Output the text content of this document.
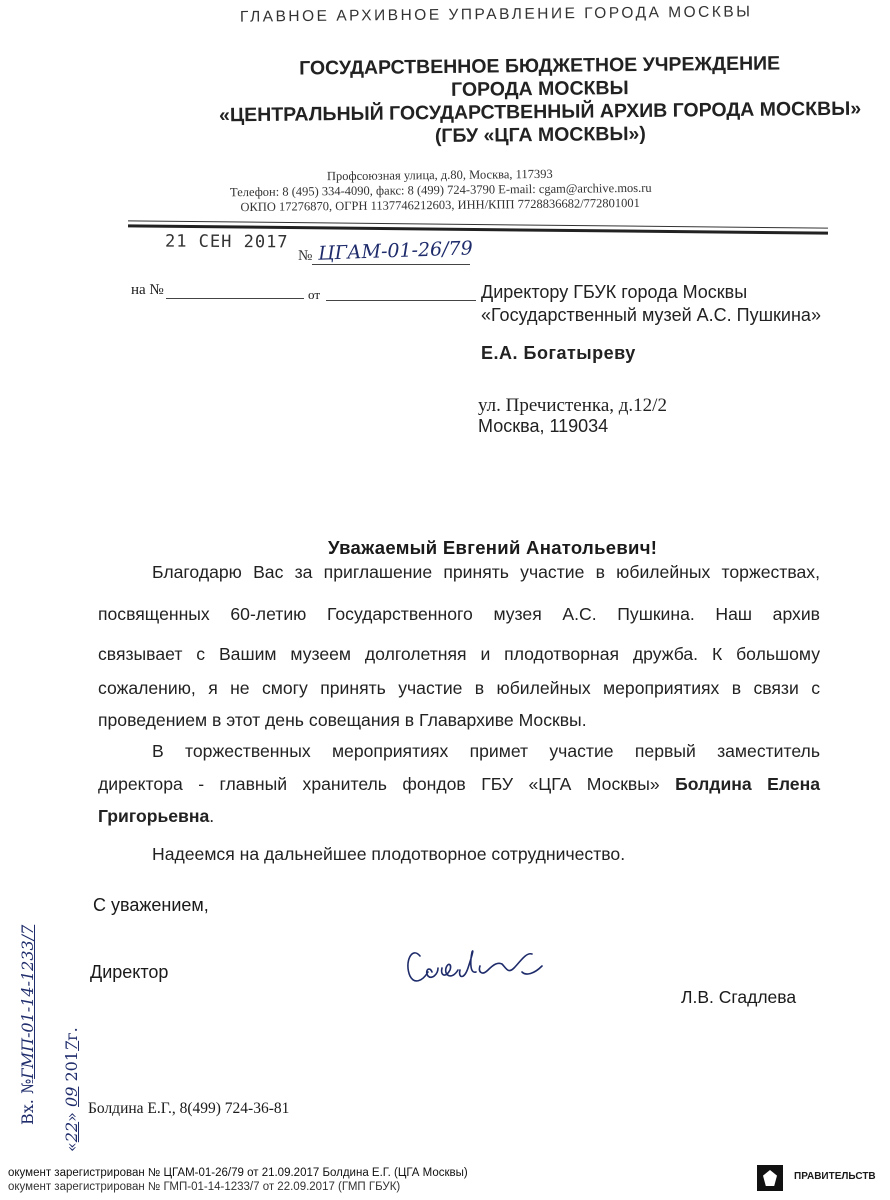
ГЛАВНОЕ АРХИВНОЕ УПРАВЛЕНИЕ ГОРОДА МОСКВЫ
ГОСУДАРСТВЕННОЕ БЮДЖЕТНОЕ УЧРЕЖДЕНИЕ
ГОРОДА МОСКВЫ
«ЦЕНТРАЛЬНЫЙ ГОСУДАРСТВЕННЫЙ АРХИВ ГОРОДА МОСКВЫ»
(ГБУ «ЦГА МОСКВЫ»)
Профсоюзная улица, д.80, Москва, 117393
Телефон: 8 (495) 334-4090, факс: 8 (499) 724-3790 E-mail: cgam@archive.mos.ru
ОКПО 17276870, ОГРН 1137746212603, ИНН/КПП 7728836682/772801001
21 СЕН 2017
№ ЦГАМ-01-26/79
на №	от	Директору ГБУК города Москвы
«Государственный музей А.С. Пушкина»
Е.А. Богатыреву
ул. Пречистенка, д.12/2
Москва, 119034
Уважаемый Евгений Анатольевич!
Благодарю Вас за приглашение принять участие в юбилейных торжествах,
посвященных 60-летию Государственного музея А.С. Пушкина. Наш архив
связывает с Вашим музеем долголетняя и плодотворная дружба. К большому
сожалению, я не смогу принять участие в юбилейных мероприятиях в связи с
проведением в этот день совещания в Главархиве Москвы.
В торжественных мероприятиях примет участие первый заместитель
директора - главный хранитель фондов ГБУ «ЦГА Москвы» Болдина Елена
Григорьевна.
Надеемся на дальнейшее плодотворное сотрудничество.
С уважением,
Директор
Л.В. Сгадлева
Болдина Е.Г., 8(499) 724-36-81
Вх. №ГМП-01-14-1233/7
«22» 09 2017г.
окумент зарегистрирован № ЦГАМ-01-26/79 от 21.09.2017 Болдина Е.Г. (ЦГА Москвы)
окумент зарегистрирован № ГМП-01-14-1233/7 от 22.09.2017 (ГМП ГБУК)
ПРАВИТЕЛЬСТВ
